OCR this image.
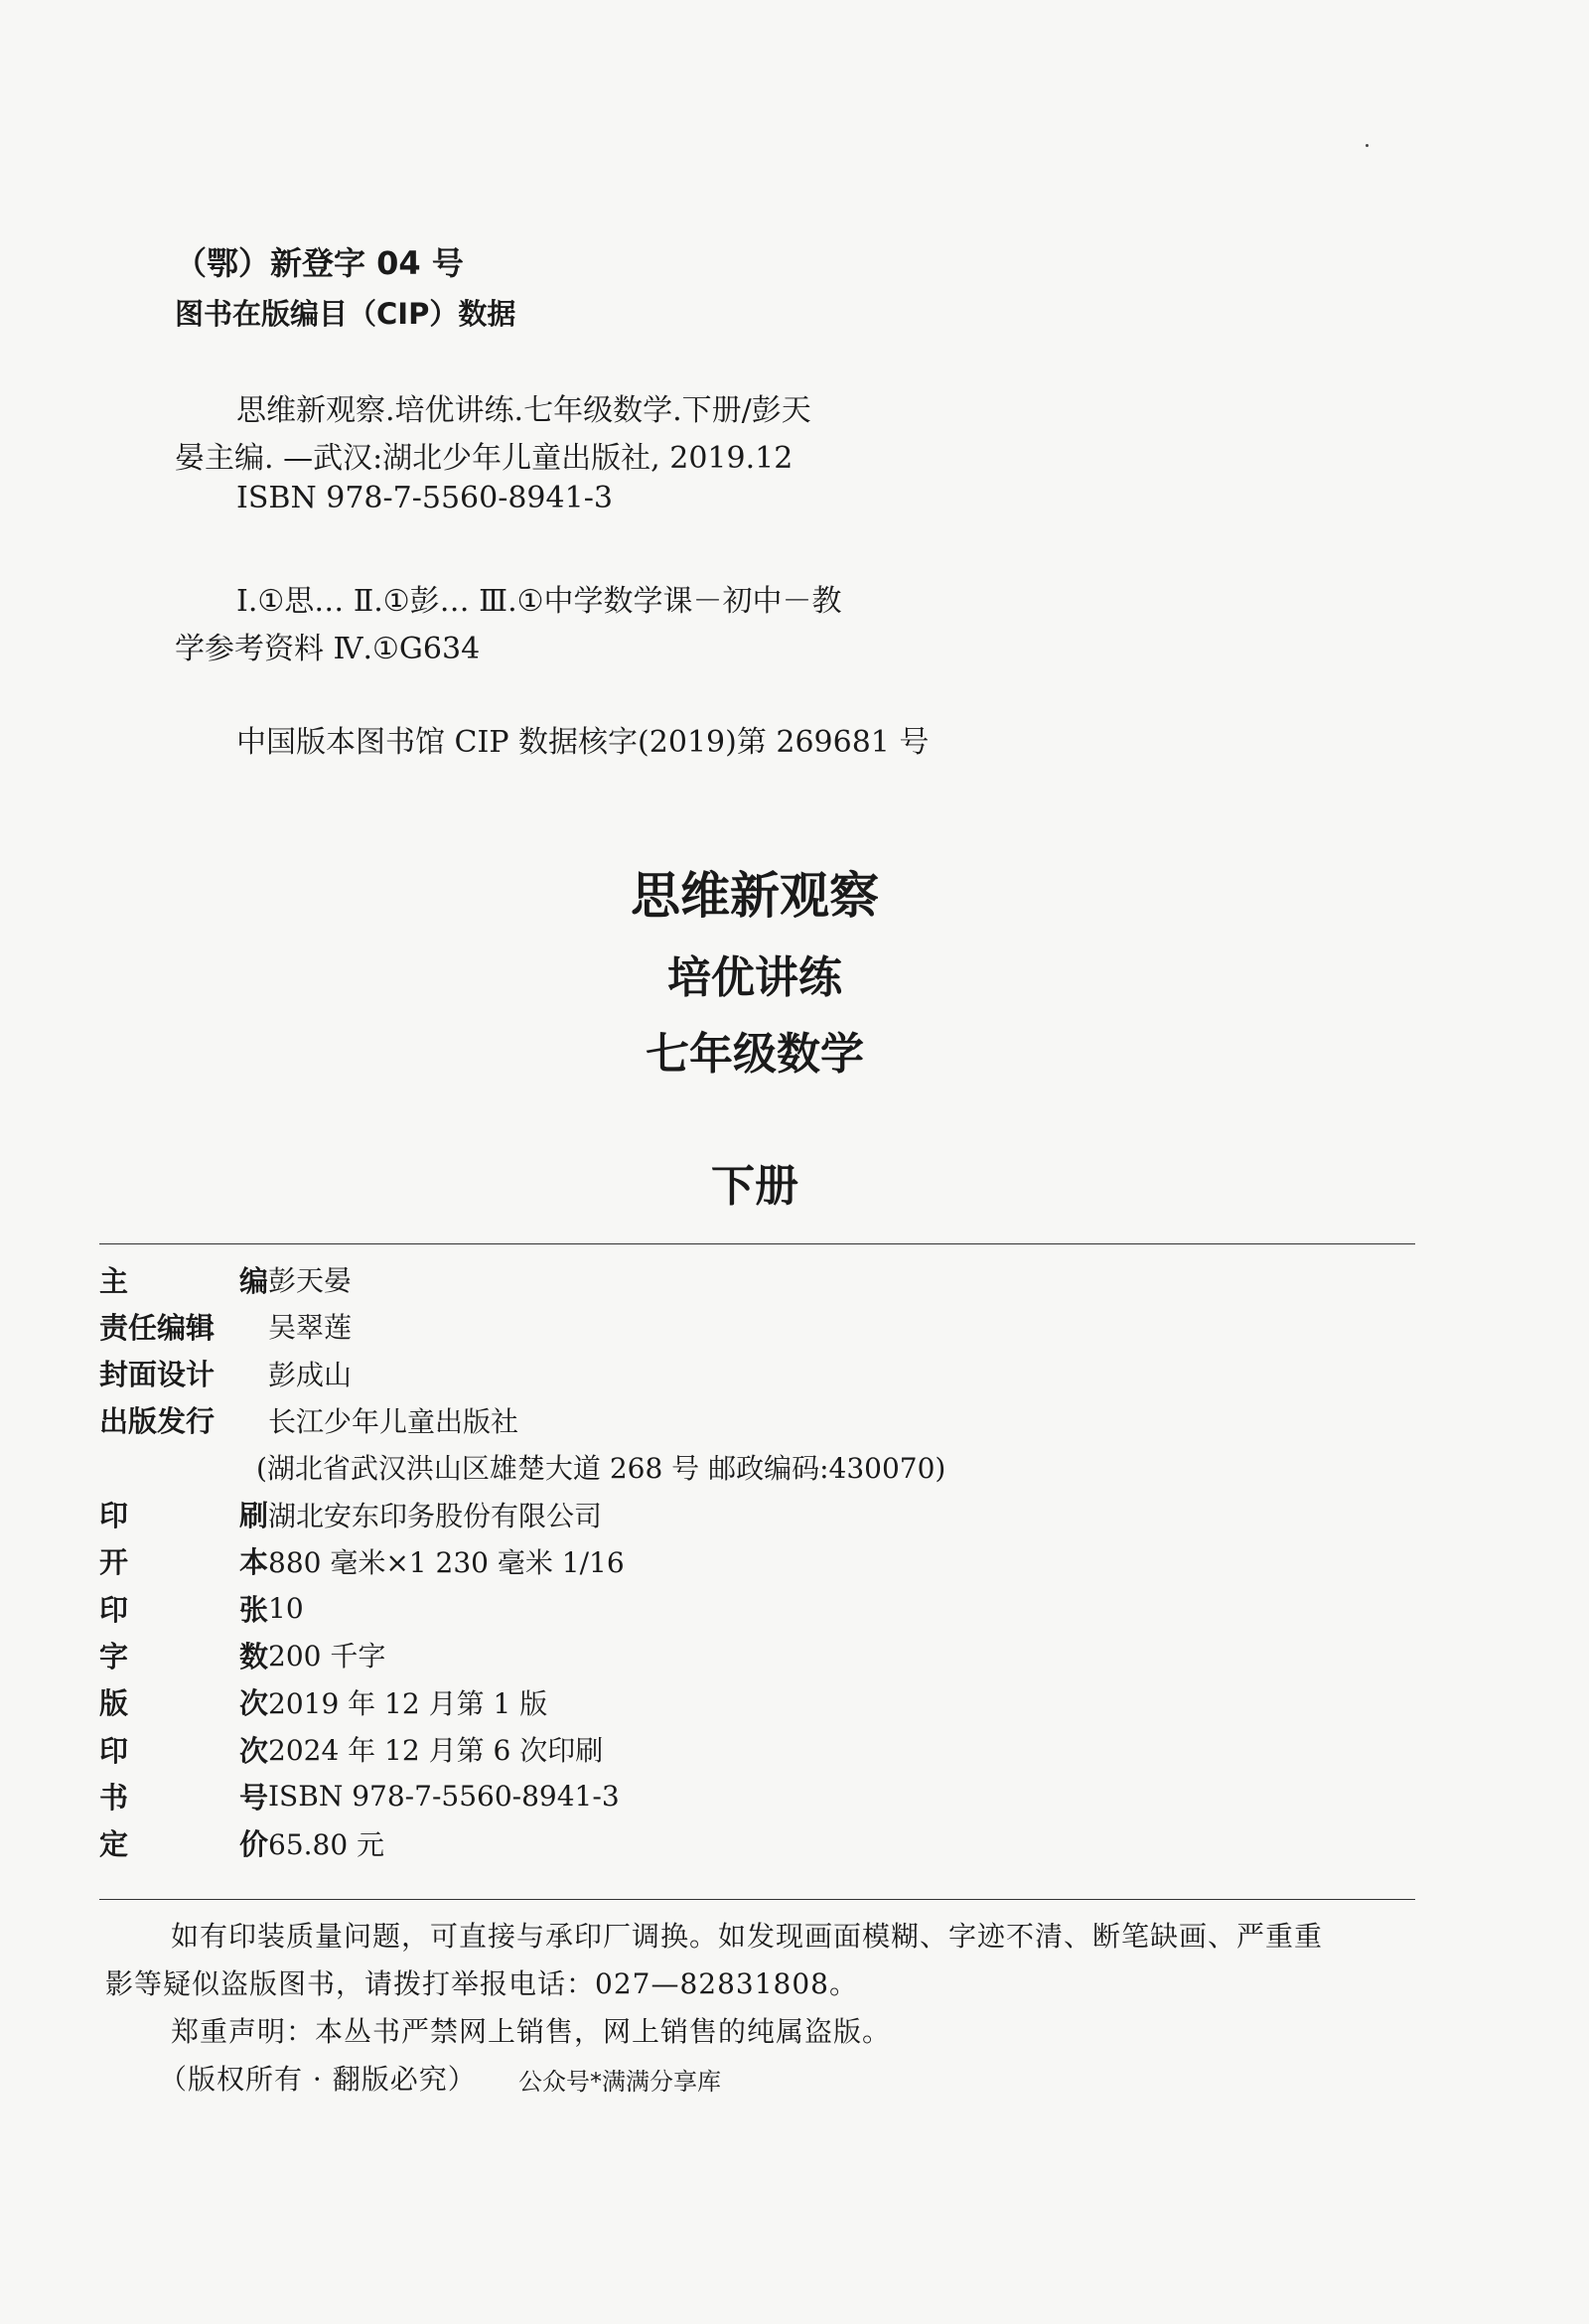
（鄂）新登字 04 号
图书在版编目（CIP）数据
思维新观察.培优讲练.七年级数学.下册/彭天
晏主编. —武汉:湖北少年儿童出版社, 2019.12
ISBN 978-7-5560-8941-3
Ⅰ.①思… Ⅱ.①彭… Ⅲ.①中学数学课－初中－教
学参考资料 Ⅳ.①G634
中国版本图书馆 CIP 数据核字(2019)第 269681 号
思维新观察
培优讲练
七年级数学
下册
主	编 彭天晏
责任编辑 吴翠莲
封面设计 彭成山
出版发行 长江少年儿童出版社
(湖北省武汉洪山区雄楚大道 268 号 邮政编码:430070)
印	刷 湖北安东印务股份有限公司
开	本 880 毫米×1 230 毫米 1/16
印	张 10
字	数 200 千字
版	次 2019 年 12 月第 1 版
印	次 2024 年 12 月第 6 次印刷
书	号 ISBN 978-7-5560-8941-3
定	价 65.80 元
如有印装质量问题，可直接与承印厂调换。如发现画面模糊、字迹不清、断笔缺画、严重重
影等疑似盗版图书，请拨打举报电话：027—82831808。
郑重声明：本丛书严禁网上销售，网上销售的纯属盗版。
（版权所有 · 翻版必究） 公众号*满满分享库
